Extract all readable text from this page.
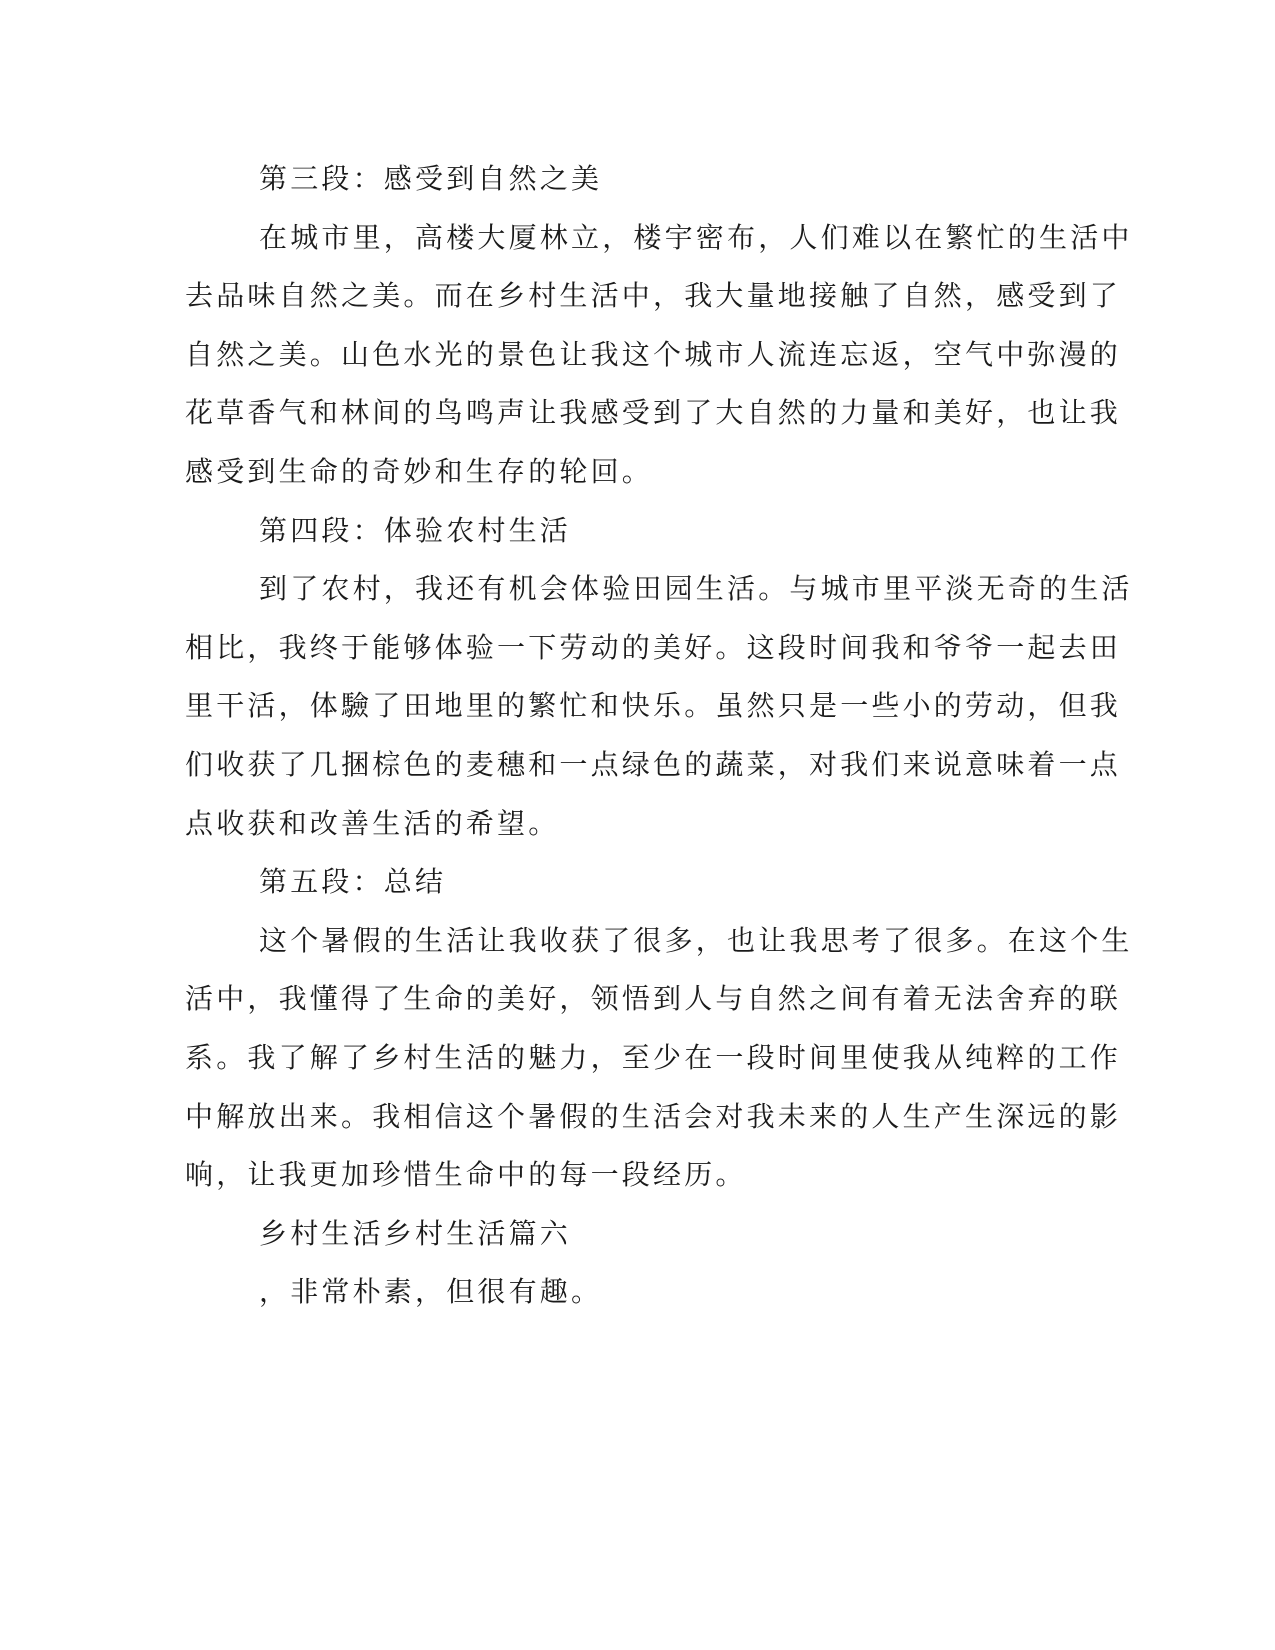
第三段：感受到自然之美
在城市里，高楼大厦林立，楼宇密布，人们难以在繁忙的生活中
去品味自然之美。而在乡村生活中，我大量地接触了自然，感受到了
自然之美。山色水光的景色让我这个城市人流连忘返，空气中弥漫的
花草香气和林间的鸟鸣声让我感受到了大自然的力量和美好，也让我
感受到生命的奇妙和生存的轮回。
第四段：体验农村生活
到了农村，我还有机会体验田园生活。与城市里平淡无奇的生活
相比，我终于能够体验一下劳动的美好。这段时间我和爷爷一起去田
里干活，体驗了田地里的繁忙和快乐。虽然只是一些小的劳动，但我
们收获了几捆棕色的麦穗和一点绿色的蔬菜，对我们来说意味着一点
点收获和改善生活的希望。
第五段：总结
这个暑假的生活让我收获了很多，也让我思考了很多。在这个生
活中，我懂得了生命的美好，领悟到人与自然之间有着无法舍弃的联
系。我了解了乡村生活的魅力，至少在一段时间里使我从纯粹的工作
中解放出来。我相信这个暑假的生活会对我未来的人生产生深远的影
响，让我更加珍惜生命中的每一段经历。
乡村生活乡村生活篇六
，非常朴素，但很有趣。
